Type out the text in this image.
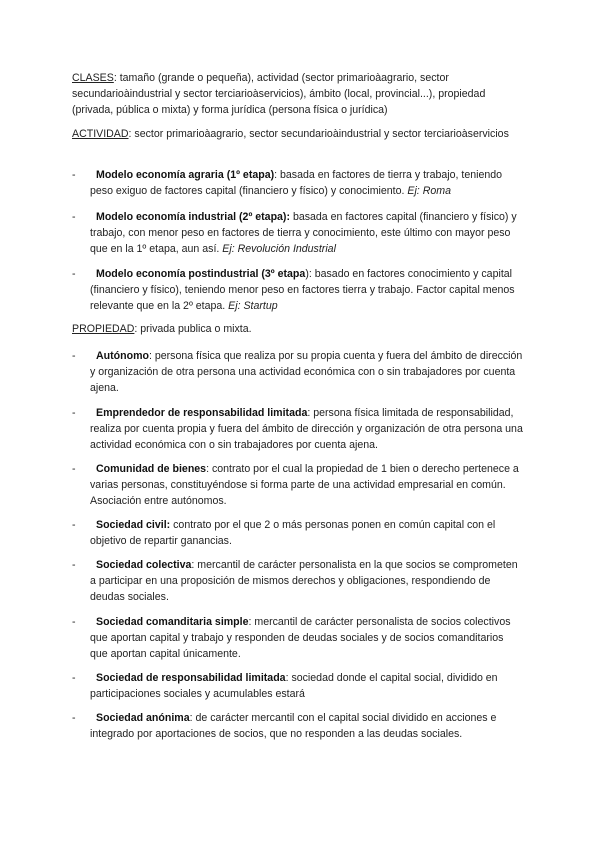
CLASES: tamaño (grande o pequeña), actividad (sector primarioàagrario, sector secundarioàindustrial y sector terciarioàservicios), ámbito (local, provincial...), propiedad (privada, pública o mixta) y forma jurídica (persona física o jurídica)
ACTIVIDAD: sector primarioàagrario, sector secundarioàindustrial y sector terciarioàservicios
-	Modelo economía agraria (1º etapa): basada en factores de tierra y trabajo, teniendo peso exiguo de factores capital (financiero y físico) y conocimiento. Ej: Roma
-	Modelo economía industrial (2º etapa): basada en factores capital (financiero y físico) y trabajo, con menor peso en factores de tierra y conocimiento, este último con mayor peso que en la 1º etapa, aun así. Ej: Revolución Industrial
-	Modelo economía postindustrial (3º etapa): basado en factores conocimiento y capital (financiero y físico), teniendo menor peso en factores tierra y trabajo. Factor capital menos relevante que en la 2º etapa. Ej: Startup
PROPIEDAD: privada publica o mixta.
-	Autónomo: persona física que realiza por su propia cuenta y fuera del ámbito de dirección y organización de otra persona una actividad económica con o sin trabajadores por cuenta ajena.
-	Emprendedor de responsabilidad limitada: persona física limitada de responsabilidad, realiza por cuenta propia y fuera del ámbito de dirección y organización de otra persona una actividad económica con o sin trabajadores por cuenta ajena.
-	Comunidad de bienes: contrato por el cual la propiedad de 1 bien o derecho pertenece a varias personas, constituyéndose si forma parte de una actividad empresarial en común. Asociación entre autónomos.
-	Sociedad civil: contrato por el que 2 o más personas ponen en común capital con el objetivo de repartir ganancias.
-	Sociedad colectiva: mercantil de carácter personalista en la que socios se comprometen a participar en una proposición de mismos derechos y obligaciones, respondiendo de deudas sociales.
-	Sociedad comanditaria simple: mercantil de carácter personalista de socios colectivos que aportan capital y trabajo y responden de deudas sociales y de socios comanditarios que aportan capital únicamente.
-	Sociedad de responsabilidad limitada: sociedad donde el capital social, dividido en participaciones sociales y acumulables estará
-	Sociedad anónima: de carácter mercantil con el capital social dividido en acciones e integrado por aportaciones de socios, que no responden a las deudas sociales.
